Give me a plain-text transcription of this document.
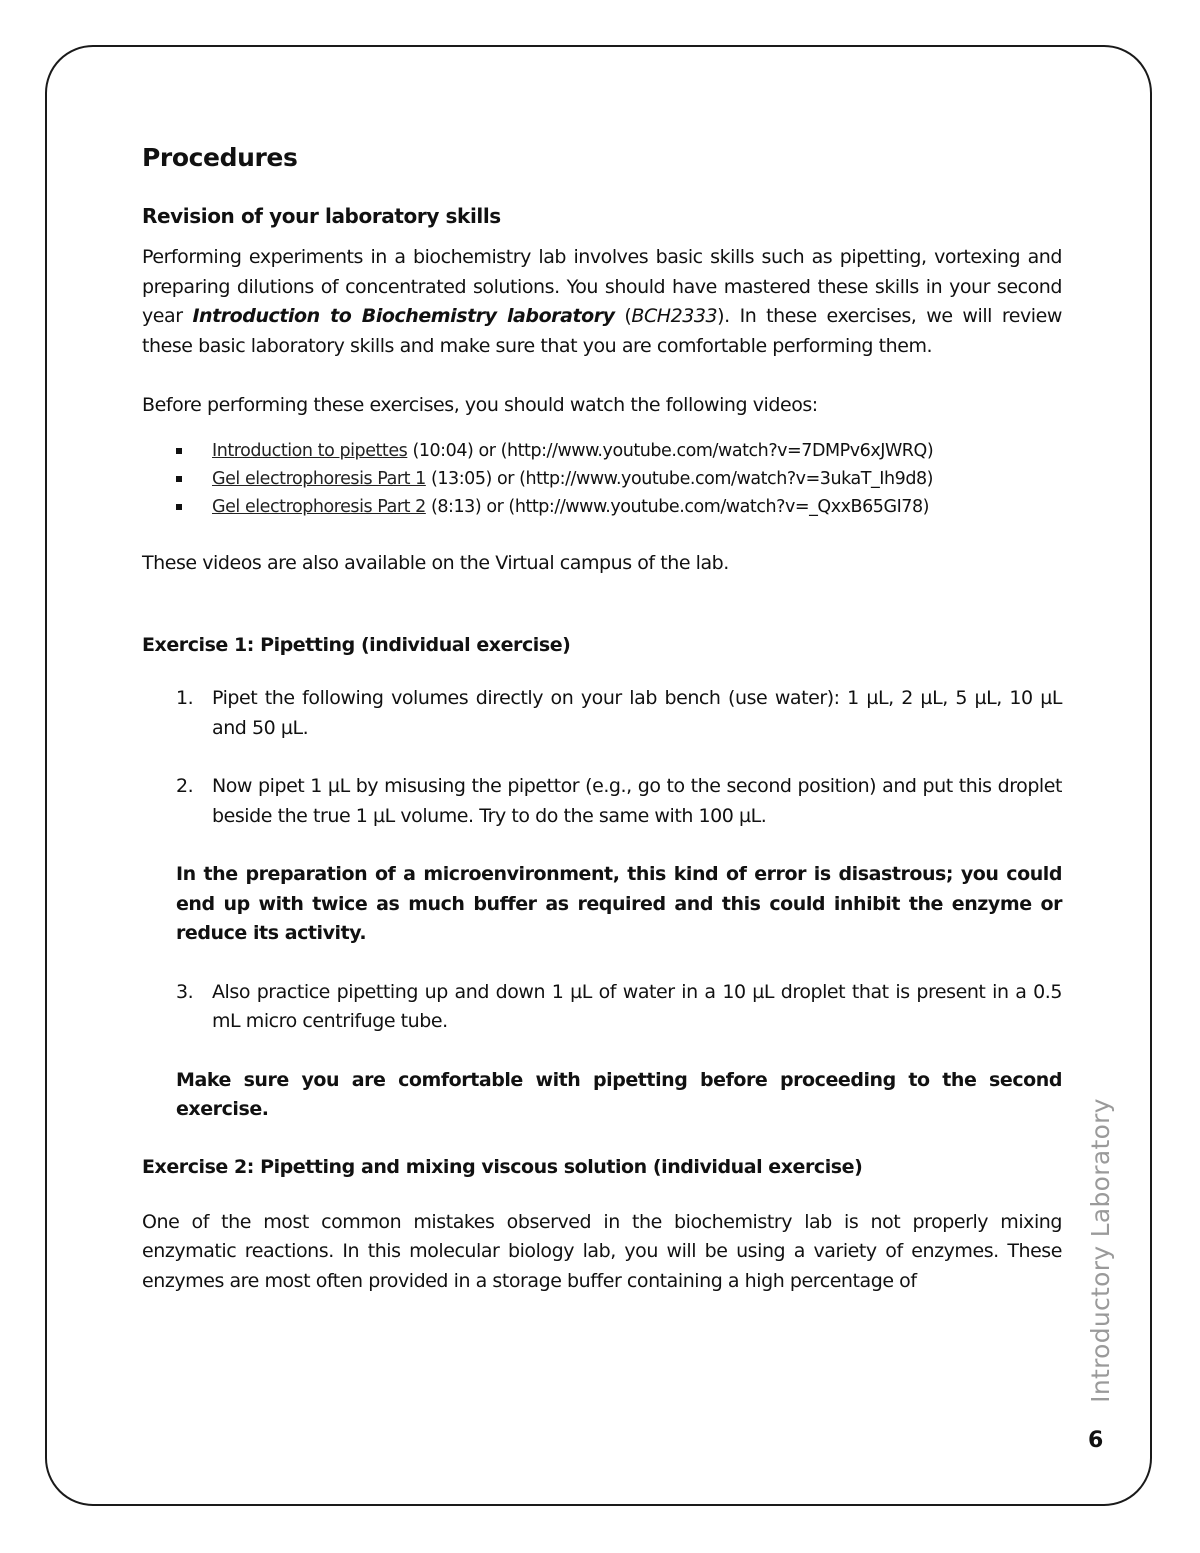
Procedures
Revision of your laboratory skills

Performing experiments in a biochemistry lab involves basic skills such as pipetting, vortexing and preparing dilutions of concentrated solutions. You should have mastered these skills in your second year Introduction to Biochemistry laboratory (BCH2333). In these exercises, we will review these basic laboratory skills and make sure that you are comfortable performing them.

Before performing these exercises, you should watch the following videos:

Introduction to pipettes (10:04) or (http://www.youtube.com/watch?v=7DMPv6xJWRQ)
Gel electrophoresis Part 1 (13:05) or (http://www.youtube.com/watch?v=3ukaT_Ih9d8)
Gel electrophoresis Part 2 (8:13) or (http://www.youtube.com/watch?v=_QxxB65GI78)

These videos are also available on the Virtual campus of the lab.

Exercise 1: Pipetting (individual exercise)
1. Pipet the following volumes directly on your lab bench (use water): 1 µL, 2 µL, 5 µL, 10 µL and 50 µL.
2. Now pipet 1 µL by misusing the pipettor (e.g., go to the second position) and put this droplet beside the true 1 µL volume. Try to do the same with 100 µL.

In the preparation of a microenvironment, this kind of error is disastrous; you could end up with twice as much buffer as required and this could inhibit the enzyme or reduce its activity.

3. Also practice pipetting up and down 1 µL of water in a 10 µL droplet that is present in a 0.5 mL micro centrifuge tube.

Make sure you are comfortable with pipetting before proceeding to the second exercise.

Exercise 2: Pipetting and mixing viscous solution (individual exercise)

One of the most common mistakes observed in the biochemistry lab is not properly mixing enzymatic reactions. In this molecular biology lab, you will be using a variety of enzymes. These enzymes are most often provided in a storage buffer containing a high percentage of	Introductory Laboratory
6
